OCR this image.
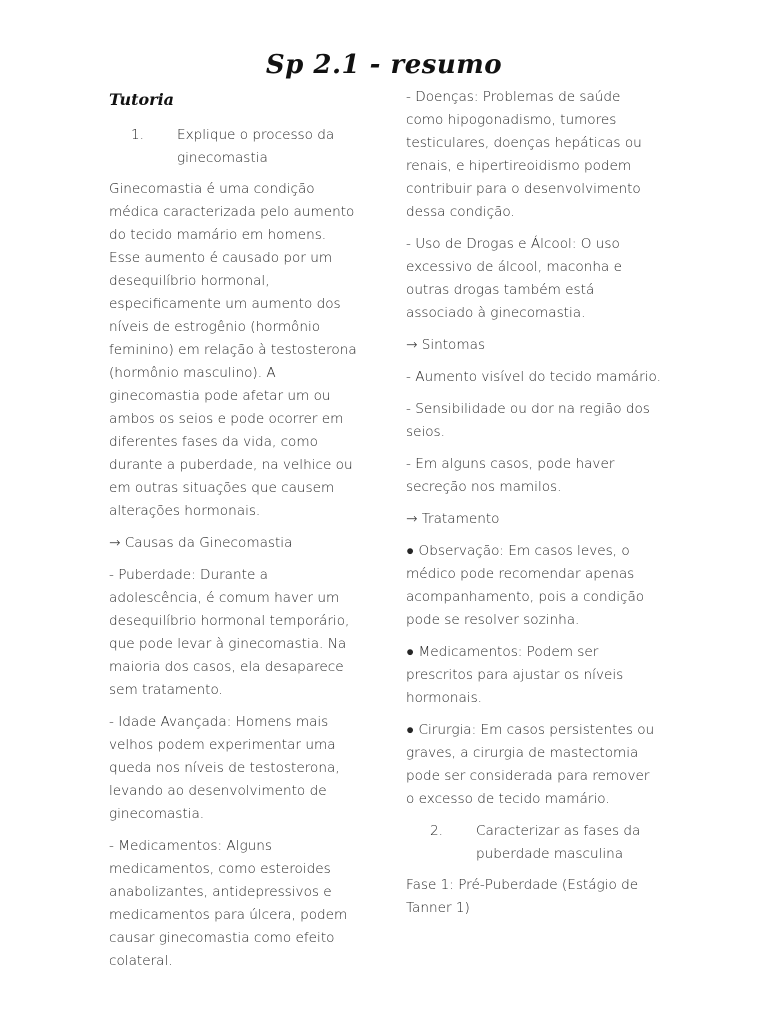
Sp 2.1 - resumo
Tutoria
1.	Explique o processo da ginecomastia

Ginecomastia é uma condição médica caracterizada pelo aumento do tecido mamário em homens. Esse aumento é causado por um desequilíbrio hormonal, especificamente um aumento dos níveis de estrogênio (hormônio feminino) em relação à testosterona (hormônio masculino). A ginecomastia pode afetar um ou ambos os seios e pode ocorrer em diferentes fases da vida, como durante a puberdade, na velhice ou em outras situações que causem alterações hormonais.

→ Causas da Ginecomastia

- Puberdade: Durante a adolescência, é comum haver um desequilíbrio hormonal temporário, que pode levar à ginecomastia. Na maioria dos casos, ela desaparece sem tratamento.

- Idade Avançada: Homens mais velhos podem experimentar uma queda nos níveis de testosterona, levando ao desenvolvimento de ginecomastia.

- Medicamentos: Alguns medicamentos, como esteroides anabolizantes, antidepressivos e medicamentos para úlcera, podem causar ginecomastia como efeito colateral.

- Doenças: Problemas de saúde como hipogonadismo, tumores testiculares, doenças hepáticas ou renais, e hipertireoidismo podem contribuir para o desenvolvimento dessa condição.

- Uso de Drogas e Álcool: O uso excessivo de álcool, maconha e outras drogas também está associado à ginecomastia.

→ Sintomas

- Aumento visível do tecido mamário.

- Sensibilidade ou dor na região dos seios.

- Em alguns casos, pode haver secreção nos mamilos.

→ Tratamento

● Observação: Em casos leves, o médico pode recomendar apenas acompanhamento, pois a condição pode se resolver sozinha.

● Medicamentos: Podem ser prescritos para ajustar os níveis hormonais.

● Cirurgia: Em casos persistentes ou graves, a cirurgia de mastectomia pode ser considerada para remover o excesso de tecido mamário.

2.	Caracterizar as fases da puberdade masculina

Fase 1: Pré-Puberdade (Estágio de Tanner 1)
